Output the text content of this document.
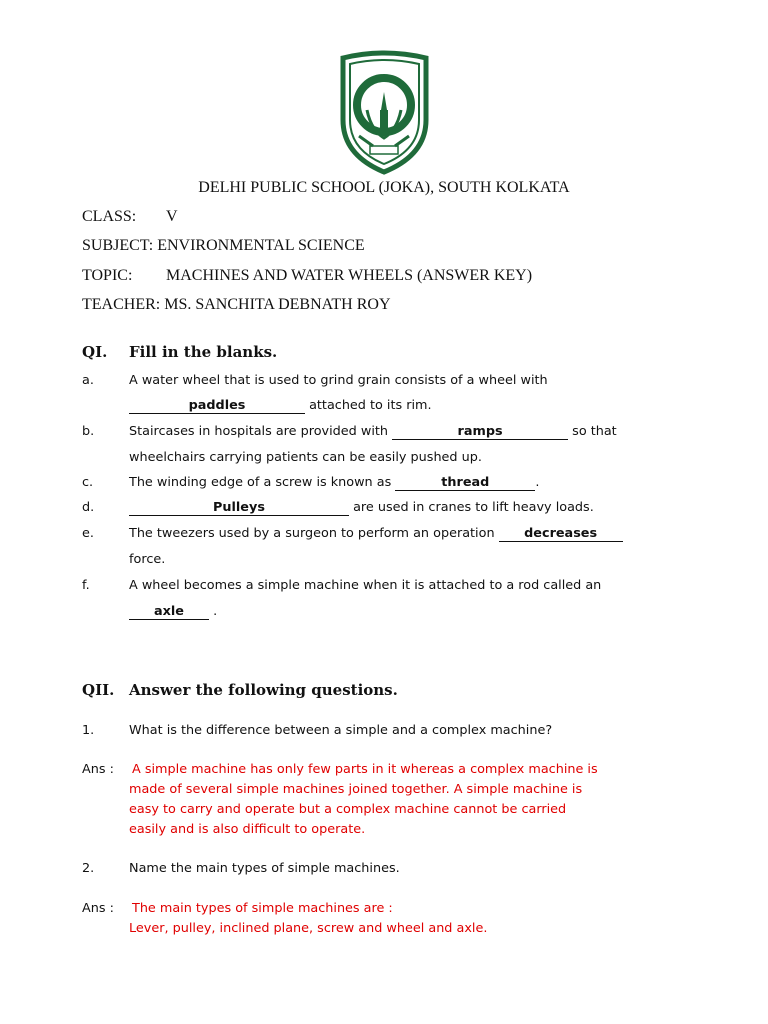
DELHI PUBLIC SCHOOL (JOKA), SOUTH KOLKATA
CLASS: V
SUBJECT: ENVIRONMENTAL SCIENCE
TOPIC: MACHINES AND WATER WHEELS (ANSWER KEY)
TEACHER: MS. SANCHITA DEBNATH ROY
QI. Fill in the blanks.
a.	A water wheel that is used to grind grain consists of a wheel with
paddles	attached to its rim.
b.	Staircases in hospitals are provided with	ramps	so that
wheelchairs carrying patients can be easily pushed up.
c.	The winding edge of a screw is known as	thread	.
d.	Pulleys	are used in cranes to lift heavy loads.
e.	The tweezers used by a surgeon to perform an operation decreases
force.
f.	A wheel becomes a simple machine when it is attached to a rod called an
axle .
QII. Answer the following questions.
1.	What is the difference between a simple and a complex machine?
Ans : A simple machine has only few parts in it whereas a complex machine is
made of several simple machines joined together. A simple machine is
easy to carry and operate but a complex machine cannot be carried
easily and is also difficult to operate.
2.	Name the main types of simple machines.
Ans : The main types of simple machines are :
Lever, pulley, inclined plane, screw and wheel and axle.
